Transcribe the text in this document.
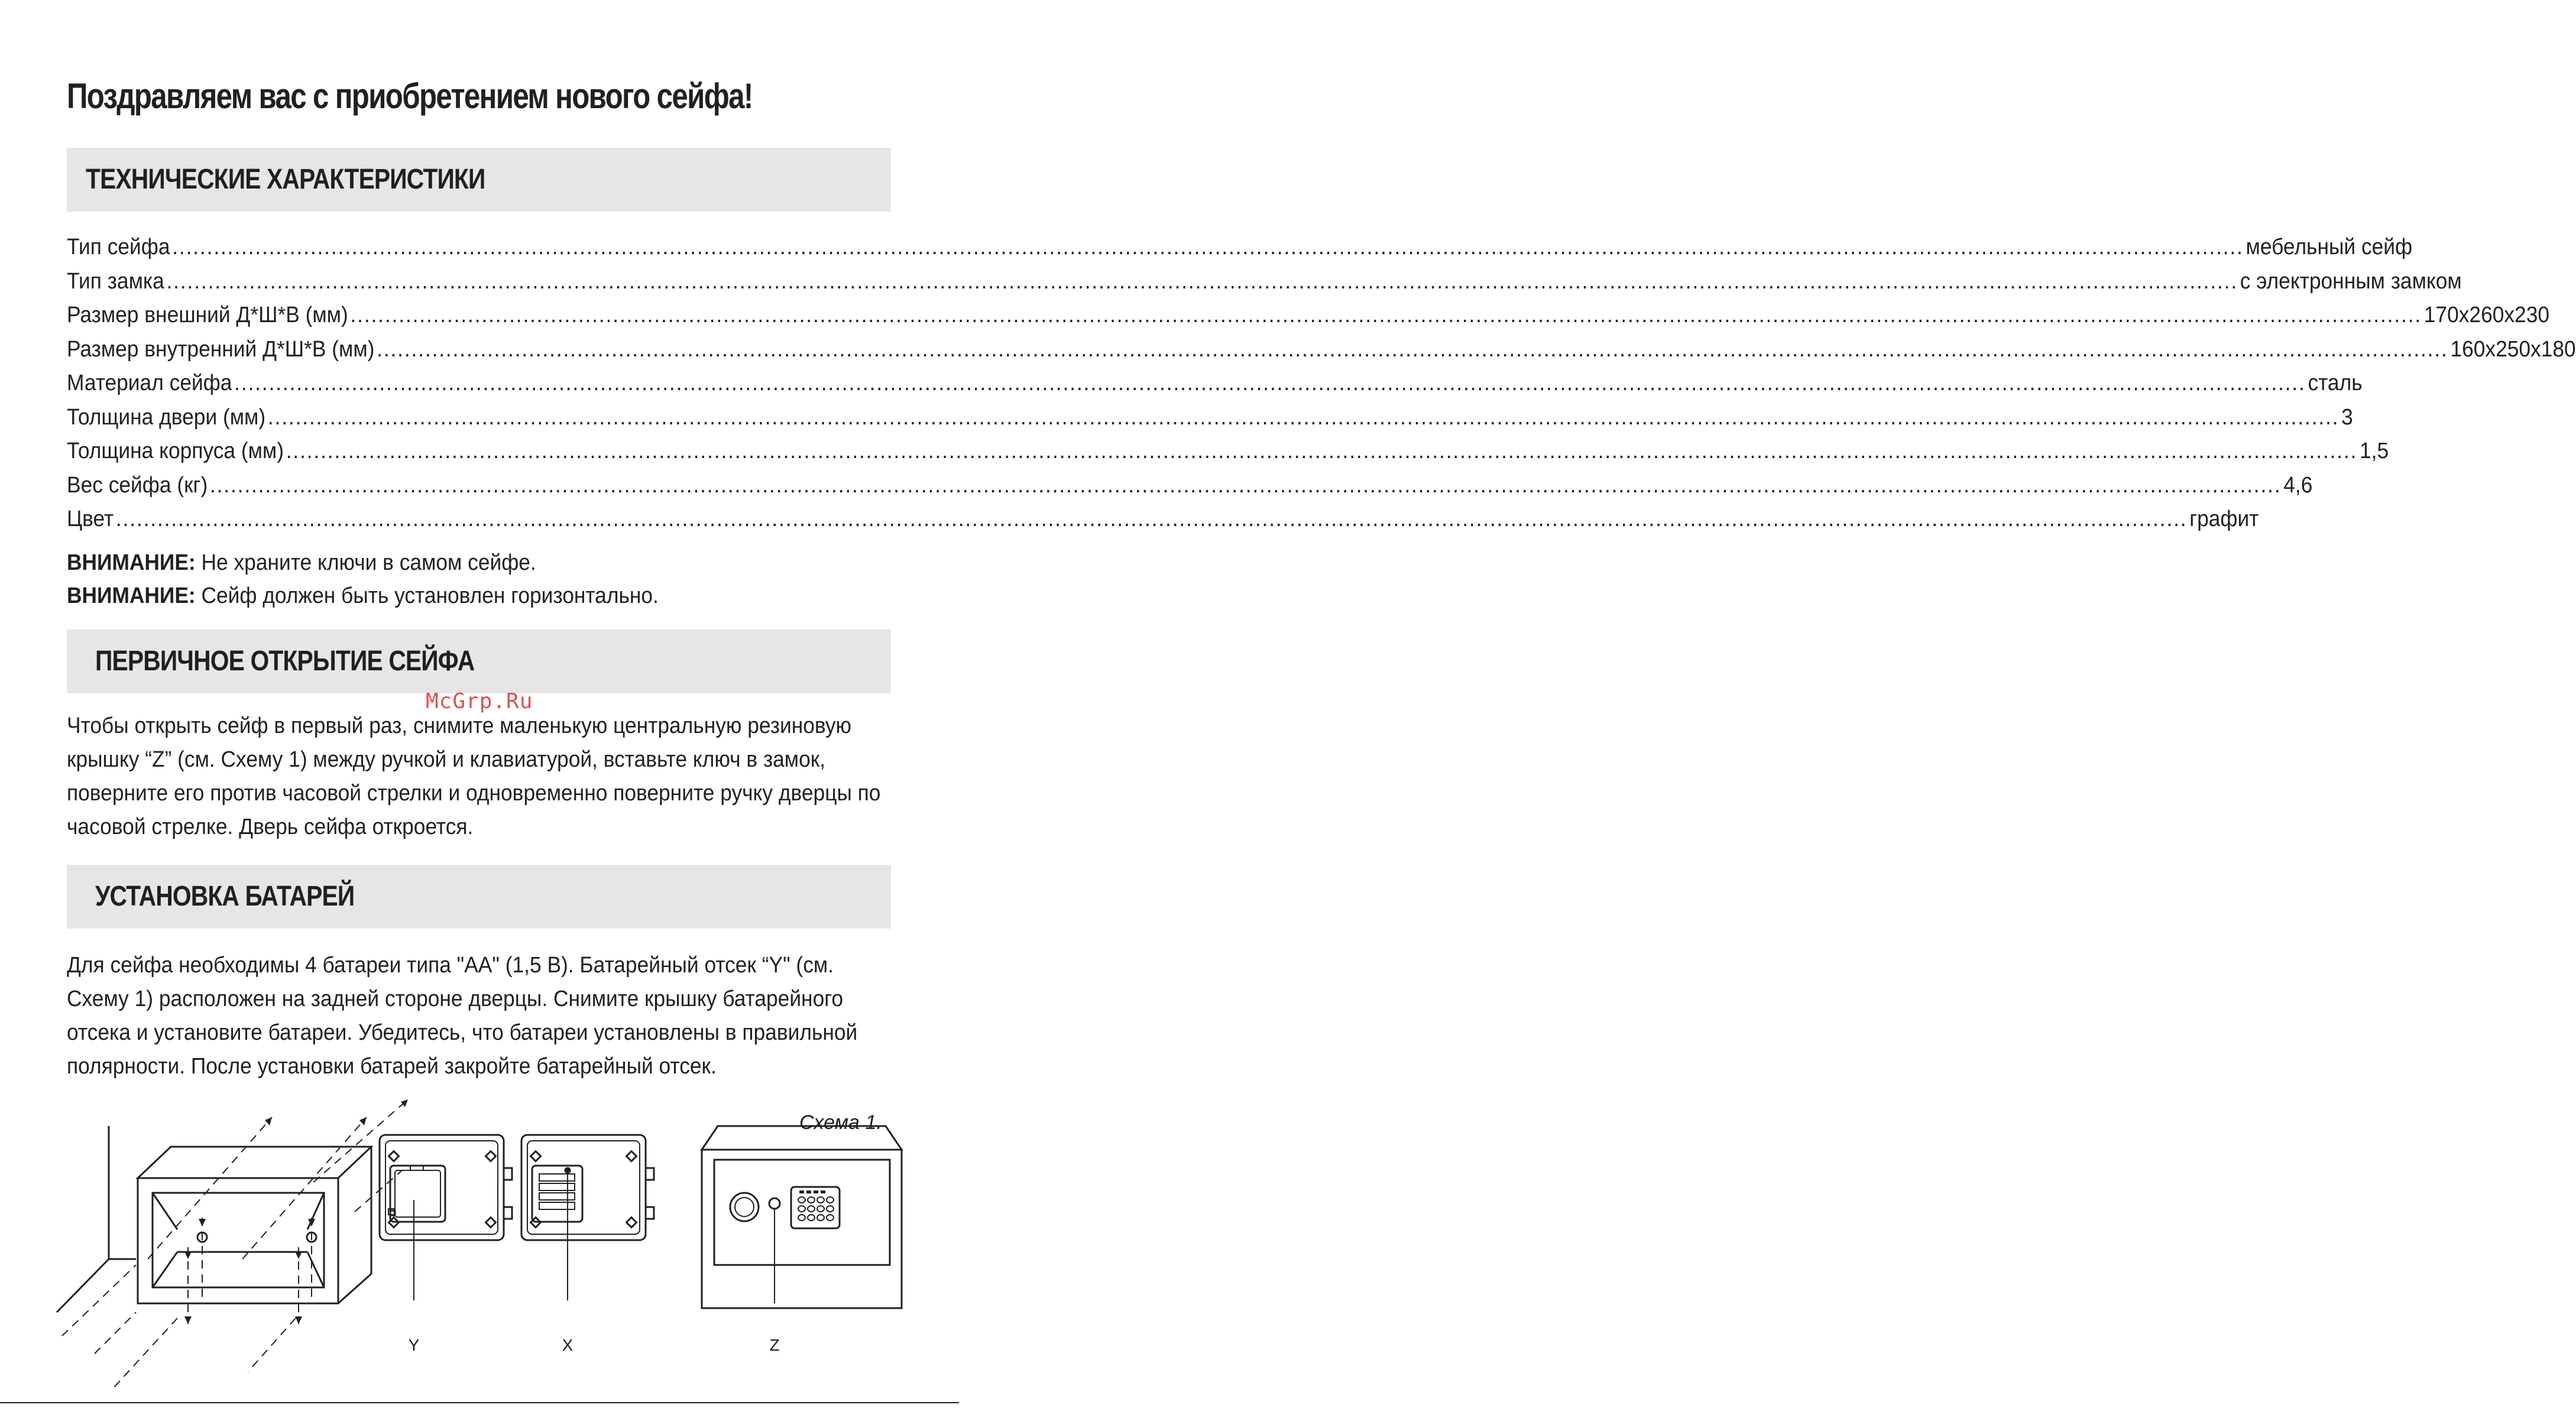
Поздравляем вас с приобретением нового сейфа!
ТЕХНИЧЕСКИЕ ХАРАКТЕРИСТИКИ
Тип сейфа ............................................................................................................................................................................................................................................................................................................ мебельный сейф
Тип замка ............................................................................................................................................................................................................................................................................................................ с электронным замком
Размер внешний Д*Ш*В (мм) ............................................................................................................................................................................................................................................................................................................ 170x260x230
Размер внутренний Д*Ш*В (мм) ............................................................................................................................................................................................................................................................................................................ 160x250x180
Материал сейфа ............................................................................................................................................................................................................................................................................................................ сталь
Толщина двери (мм) ............................................................................................................................................................................................................................................................................................................ 3
Толщина корпуса (мм) ............................................................................................................................................................................................................................................................................................................ 1,5
Вес сейфа (кг) ............................................................................................................................................................................................................................................................................................................ 4,6
Цвет ............................................................................................................................................................................................................................................................................................................ графит
ВНИМАНИЕ: Не храните ключи в самом сейфе.
ВНИМАНИЕ: Сейф должен быть установлен горизонтально.
ПЕРВИЧНОЕ ОТКРЫТИЕ СЕЙФА
McGrp.Ru

Чтобы открыть сейф в первый раз, снимите маленькую центральную резиновую крышку “Z” (см. Схему 1) между ручкой и клавиатурой, вставьте ключ в замок, поверните его против часовой стрелки и одновременно поверните ручку дверцы по часовой стрелке. Дверь сейфа откроется.

УСТАНОВКА БАТАРЕЙ

Для сейфа необходимы 4 батареи типа "АА" (1,5 В). Батарейный отсек “Y" (см. Схему 1) расположен на задней стороне дверцы. Снимите крышку батарейного отсека и установите батареи. Убедитесь, что батареи установлены в правильной полярности. После установки батарей закройте батарейный отсек.

Схема 1.
Y	X	Z
